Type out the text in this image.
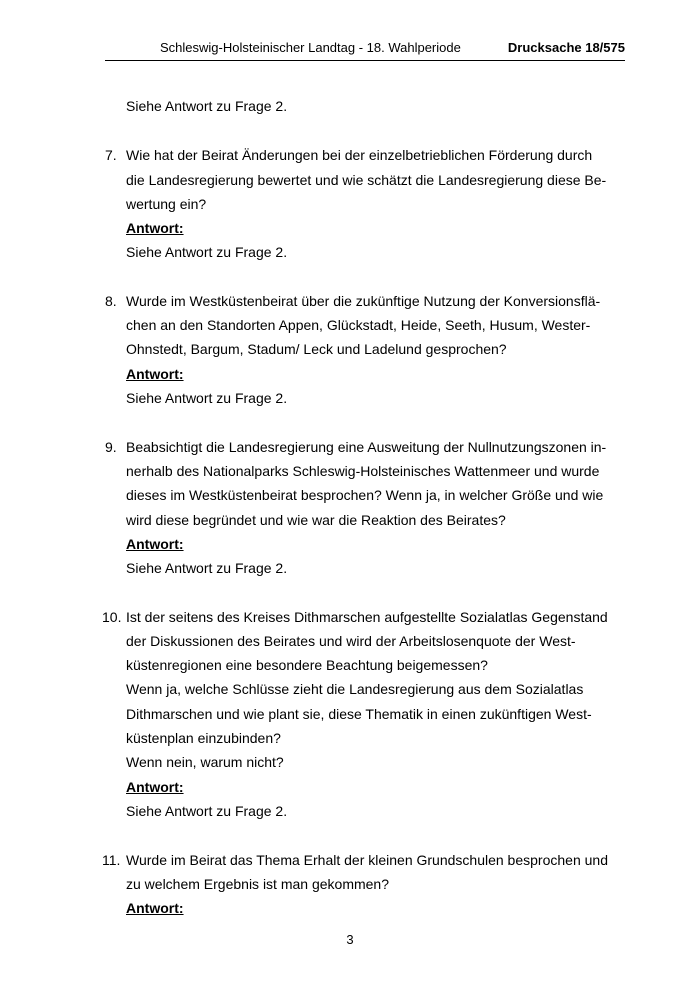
Schleswig-Holsteinischer Landtag - 18. Wahlperiode	Drucksache 18/575
Siehe Antwort zu Frage 2.
7. Wie hat der Beirat Änderungen bei der einzelbetrieblichen Förderung durch
die Landesregierung bewertet und wie schätzt die Landesregierung diese Be-
wertung ein?
Antwort:
Siehe Antwort zu Frage 2.
8. Wurde im Westküstenbeirat über die zukünftige Nutzung der Konversionsflä-
chen an den Standorten Appen, Glückstadt, Heide, Seeth, Husum, Wester-
Ohnstedt, Bargum, Stadum/ Leck und Ladelund gesprochen?
Antwort:
Siehe Antwort zu Frage 2.
9. Beabsichtigt die Landesregierung eine Ausweitung der Nullnutzungszonen in-
nerhalb des Nationalparks Schleswig-Holsteinisches Wattenmeer und wurde
dieses im Westküstenbeirat besprochen? Wenn ja, in welcher Größe und wie
wird diese begründet und wie war die Reaktion des Beirates?
Antwort:
Siehe Antwort zu Frage 2.
10. Ist der seitens des Kreises Dithmarschen aufgestellte Sozialatlas Gegenstand
der Diskussionen des Beirates und wird der Arbeitslosenquote der West-
küstenregionen eine besondere Beachtung beigemessen?
Wenn ja, welche Schlüsse zieht die Landesregierung aus dem Sozialatlas
Dithmarschen und wie plant sie, diese Thematik in einen zukünftigen West-
küstenplan einzubinden?
Wenn nein, warum nicht?
Antwort:
Siehe Antwort zu Frage 2.
11. Wurde im Beirat das Thema Erhalt der kleinen Grundschulen besprochen und
zu welchem Ergebnis ist man gekommen?
Antwort:
3
